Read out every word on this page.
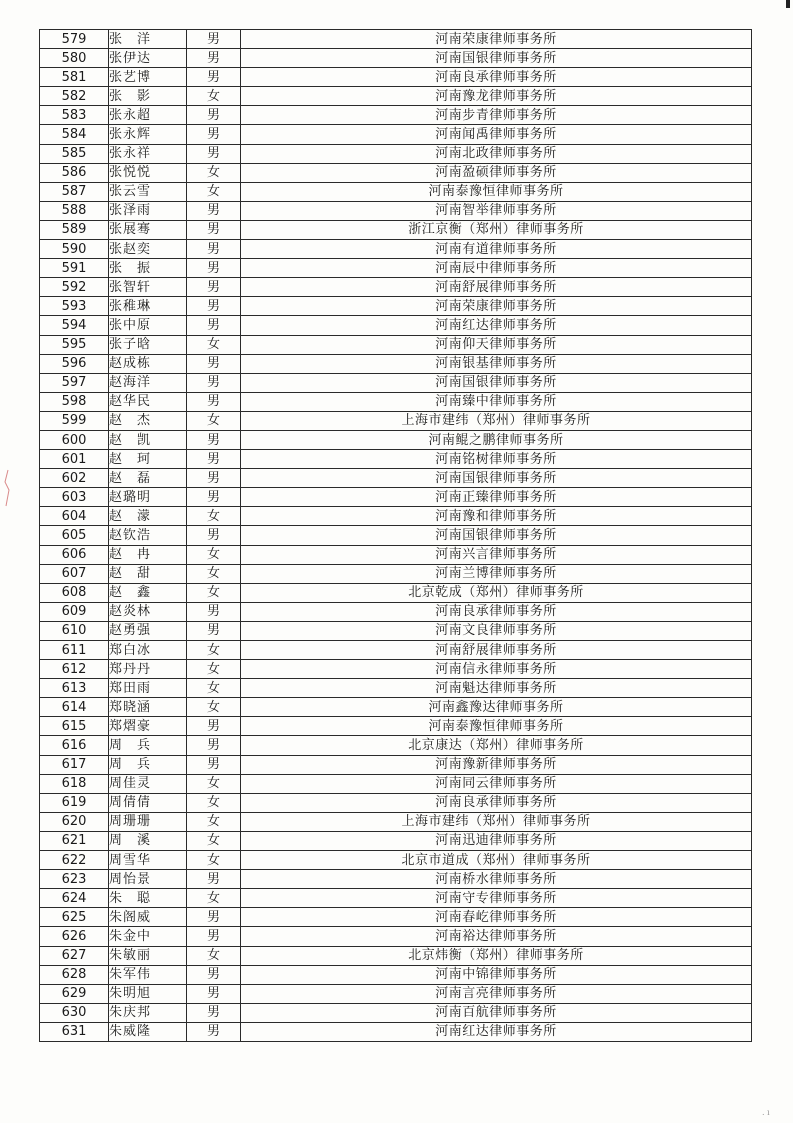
579	张　洋	男	河南荣康律师事务所
580	张伊达	男	河南国银律师事务所
581	张艺博	男	河南良承律师事务所
582	张　影	女	河南豫龙律师事务所
583	张永超	男	河南步青律师事务所
584	张永辉	男	河南闻禹律师事务所
585	张永祥	男	河南北政律师事务所
586	张悦悦	女	河南盈硕律师事务所
587	张云雪	女	河南泰豫恒律师事务所
588	张泽雨	男	河南智举律师事务所
589	张展骞	男	浙江京衡（郑州）律师事务所
590	张赵奕	男	河南有道律师事务所
591	张　振	男	河南辰中律师事务所
592	张智轩	男	河南舒展律师事务所
593	张稚琳	男	河南荣康律师事务所
594	张中原	男	河南红达律师事务所
595	张子晗	女	河南仰天律师事务所
596	赵成栋	男	河南银基律师事务所
597	赵海洋	男	河南国银律师事务所
598	赵华民	男	河南臻中律师事务所
599	赵　杰	女	上海市建纬（郑州）律师事务所
600	赵　凯	男	河南鲲之鹏律师事务所
601	赵　珂	男	河南铭树律师事务所
602	赵　磊	男	河南国银律师事务所
603	赵璐明	男	河南正臻律师事务所
604	赵　濛	女	河南豫和律师事务所
605	赵钦浩	男	河南国银律师事务所
606	赵　冉	女	河南兴言律师事务所
607	赵　甜	女	河南兰博律师事务所
608	赵　鑫	女	北京乾成（郑州）律师事务所
609	赵炎林	男	河南良承律师事务所
610	赵勇强	男	河南文良律师事务所
611	郑白冰	女	河南舒展律师事务所
612	郑丹丹	女	河南信永律师事务所
613	郑田雨	女	河南魁达律师事务所
614	郑晓涵	女	河南鑫豫达律师事务所
615	郑熠豪	男	河南泰豫恒律师事务所
616	周　兵	男	北京康达（郑州）律师事务所
617	周　兵	男	河南豫新律师事务所
618	周佳灵	女	河南同云律师事务所
619	周倩倩	女	河南良承律师事务所
620	周珊珊	女	上海市建纬（郑州）律师事务所
621	周　溪	女	河南迅迪律师事务所
622	周雪华	女	北京市道成（郑州）律师事务所
623	周怡景	男	河南桥水律师事务所
624	朱　聪	女	河南守专律师事务所
625	朱阁威	男	河南春屹律师事务所
626	朱金中	男	河南裕达律师事务所
627	朱敏丽	女	北京炜衡（郑州）律师事务所
628	朱军伟	男	河南中锦律师事务所
629	朱明旭	男	河南言亮律师事务所
630	朱庆邦	男	河南百航律师事务所
631	朱威隆	男	河南红达律师事务所
. ı
